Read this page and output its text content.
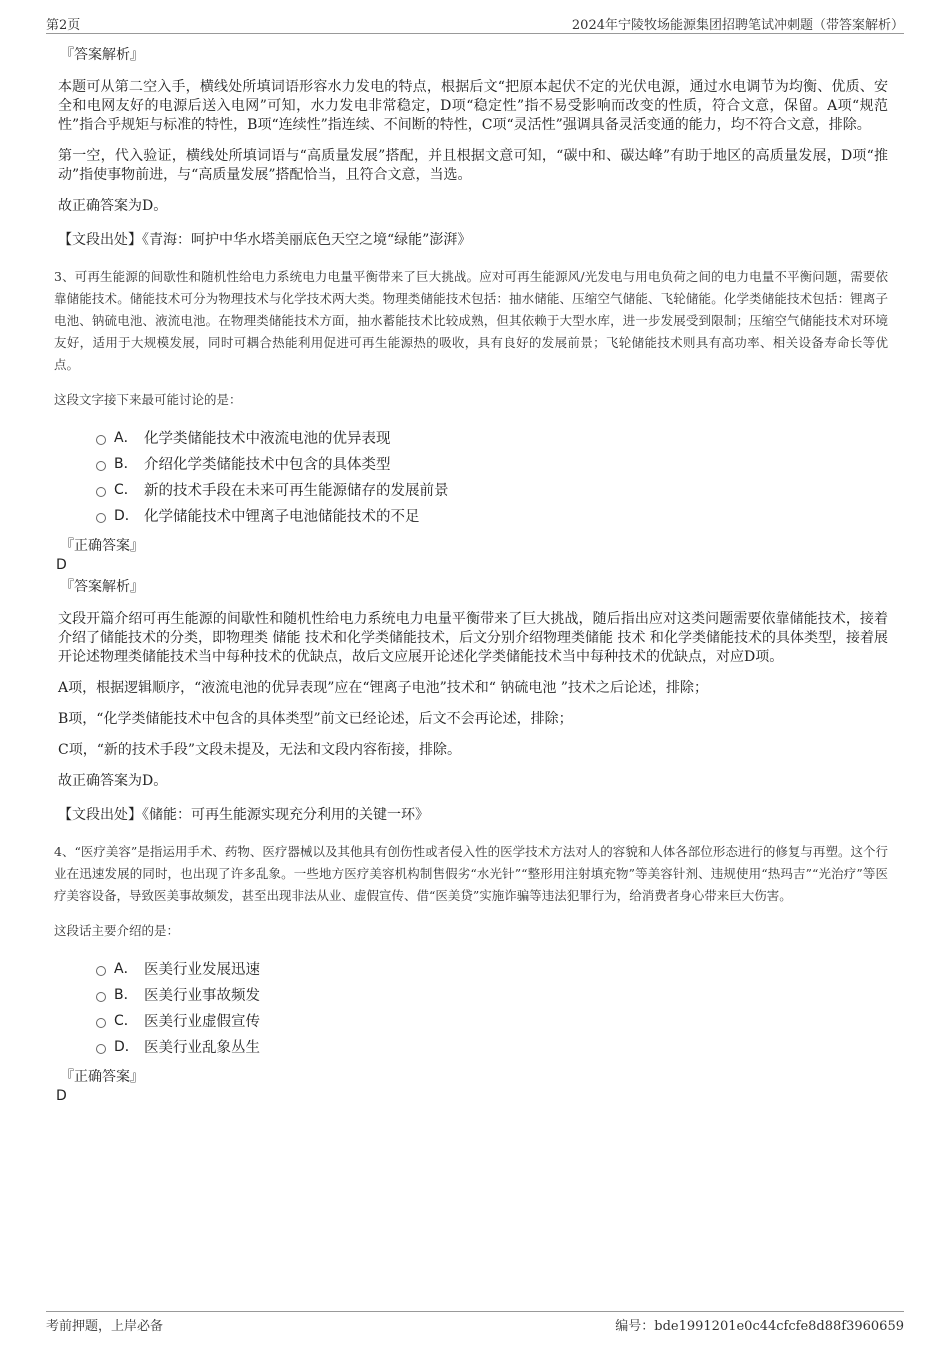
第2页	2024年宁陵牧场能源集团招聘笔试冲刺题（带答案解析）
『答案解析』

本题可从第二空入手，横线处所填词语形容水力发电的特点，根据后文“把原本起伏不定的光伏电源，通过水电调节为均衡、优质、安全和电网友好的电源后送入电网”可知，水力发电非常稳定，D项“稳定性”指不易受影响而改变的性质，符合文意，保留。A项“规范性”指合乎规矩与标准的特性，B项“连续性”指连续、不间断的特性，C项“灵活性”强调具备灵活变通的能力，均不符合文意，排除。

第一空，代入验证，横线处所填词语与“高质量发展”搭配，并且根据文意可知，“碳中和、碳达峰”有助于地区的高质量发展，D项“推动”指使事物前进，与“高质量发展”搭配恰当，且符合文意，当选。

故正确答案为D。

【文段出处】《青海：呵护中华水塔美丽底色天空之境“绿能”澎湃》

3、可再生能源的间歇性和随机性给电力系统电力电量平衡带来了巨大挑战。应对可再生能源风/光发电与用电负荷之间的电力电量不平衡问题，需要依靠储能技术。储能技术可分为物理技术与化学技术两大类。物理类储能技术包括：抽水储能、压缩空气储能、飞轮储能。化学类储能技术包括：锂离子电池、钠硫电池、液流电池。在物理类储能技术方面，抽水蓄能技术比较成熟，但其依赖于大型水库，进一步发展受到限制；压缩空气储能技术对环境友好，适用于大规模发展，同时可耦合热能利用促进可再生能源热的吸收，具有良好的发展前景；飞轮储能技术则具有高功率、相关设备寿命长等优点。

这段文字接下来最可能讨论的是：

A． 化学类储能技术中液流电池的优异表现
B． 介绍化学类储能技术中包含的具体类型
C． 新的技术手段在未来可再生能源储存的发展前景
D． 化学储能技术中锂离子电池储能技术的不足
『正确答案』
D
『答案解析』

文段开篇介绍可再生能源的间歇性和随机性给电力系统电力电量平衡带来了巨大挑战，随后指出应对这类问题需要依靠储能技术，接着介绍了储能技术的分类，即物理类 储能 技术和化学类储能技术，后文分别介绍物理类储能 技术 和化学类储能技术的具体类型，接着展开论述物理类储能技术当中每种技术的优缺点，故后文应展开论述化学类储能技术当中每种技术的优缺点，对应D项。

A项，根据逻辑顺序，“液流电池的优异表现”应在“锂离子电池”技术和“ 钠硫电池 ”技术之后论述，排除；

B项，“化学类储能技术中包含的具体类型”前文已经论述，后文不会再论述，排除；

C项，“新的技术手段”文段未提及，无法和文段内容衔接，排除。

故正确答案为D。

【文段出处】《储能：可再生能源实现充分利用的关键一环》

4、“医疗美容”是指运用手术、药物、医疗器械以及其他具有创伤性或者侵入性的医学技术方法对人的容貌和人体各部位形态进行的修复与再塑。这个行业在迅速发展的同时，也出现了许多乱象。一些地方医疗美容机构制售假劣“水光针”“整形用注射填充物”等美容针剂、违规使用“热玛吉”“光治疗”等医疗美容设备，导致医美事故频发，甚至出现非法从业、虚假宣传、借“医美贷”实施诈骗等违法犯罪行为，给消费者身心带来巨大伤害。

这段话主要介绍的是：

A． 医美行业发展迅速
B． 医美行业事故频发
C． 医美行业虚假宣传
D． 医美行业乱象丛生
『正确答案』
D
考前押题，上岸必备	编号：bde1991201e0c44cfcfe8d88f3960659
